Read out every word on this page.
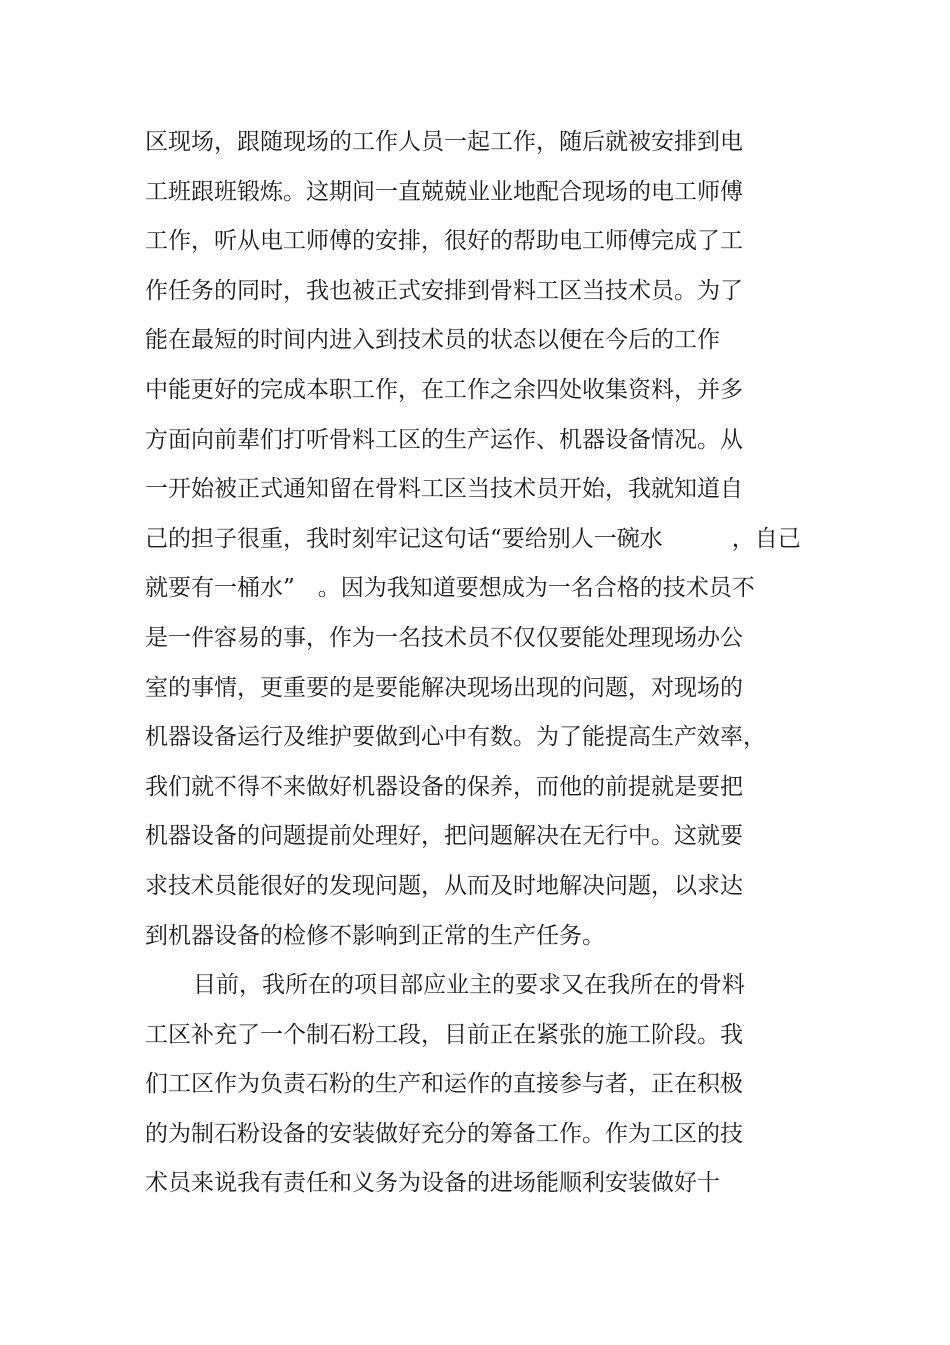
区现场，跟随现场的工作人员一起工作，随后就被安排到电
工班跟班锻炼。这期间一直兢兢业业地配合现场的电工师傅
工作，听从电工师傅的安排，很好的帮助电工师傅完成了工
作任务的同时，我也被正式安排到骨料工区当技术员。为了
能在最短的时间内进入到技术员的状态以便在今后的工作
中能更好的完成本职工作，在工作之余四处收集资料，并多
方面向前辈们打听骨料工区的生产运作、机器设备情况。从
一开始被正式通知留在骨料工区当技术员开始，我就知道自
己的担子很重，我时刻牢记这句话“要给别人一碗水　　　，自己
就要有一桶水”　。因为我知道要想成为一名合格的技术员不
是一件容易的事，作为一名技术员不仅仅要能处理现场办公
室的事情，更重要的是要能解决现场出现的问题，对现场的
机器设备运行及维护要做到心中有数。为了能提高生产效率，
我们就不得不来做好机器设备的保养，而他的前提就是要把
机器设备的问题提前处理好，把问题解决在无行中。这就要
求技术员能很好的发现问题，从而及时地解决问题，以求达
到机器设备的检修不影响到正常的生产任务。
目前，我所在的项目部应业主的要求又在我所在的骨料
工区补充了一个制石粉工段，目前正在紧张的施工阶段。我
们工区作为负责石粉的生产和运作的直接参与者，正在积极
的为制石粉设备的安装做好充分的筹备工作。作为工区的技
术员来说我有责任和义务为设备的进场能顺利安装做好十
